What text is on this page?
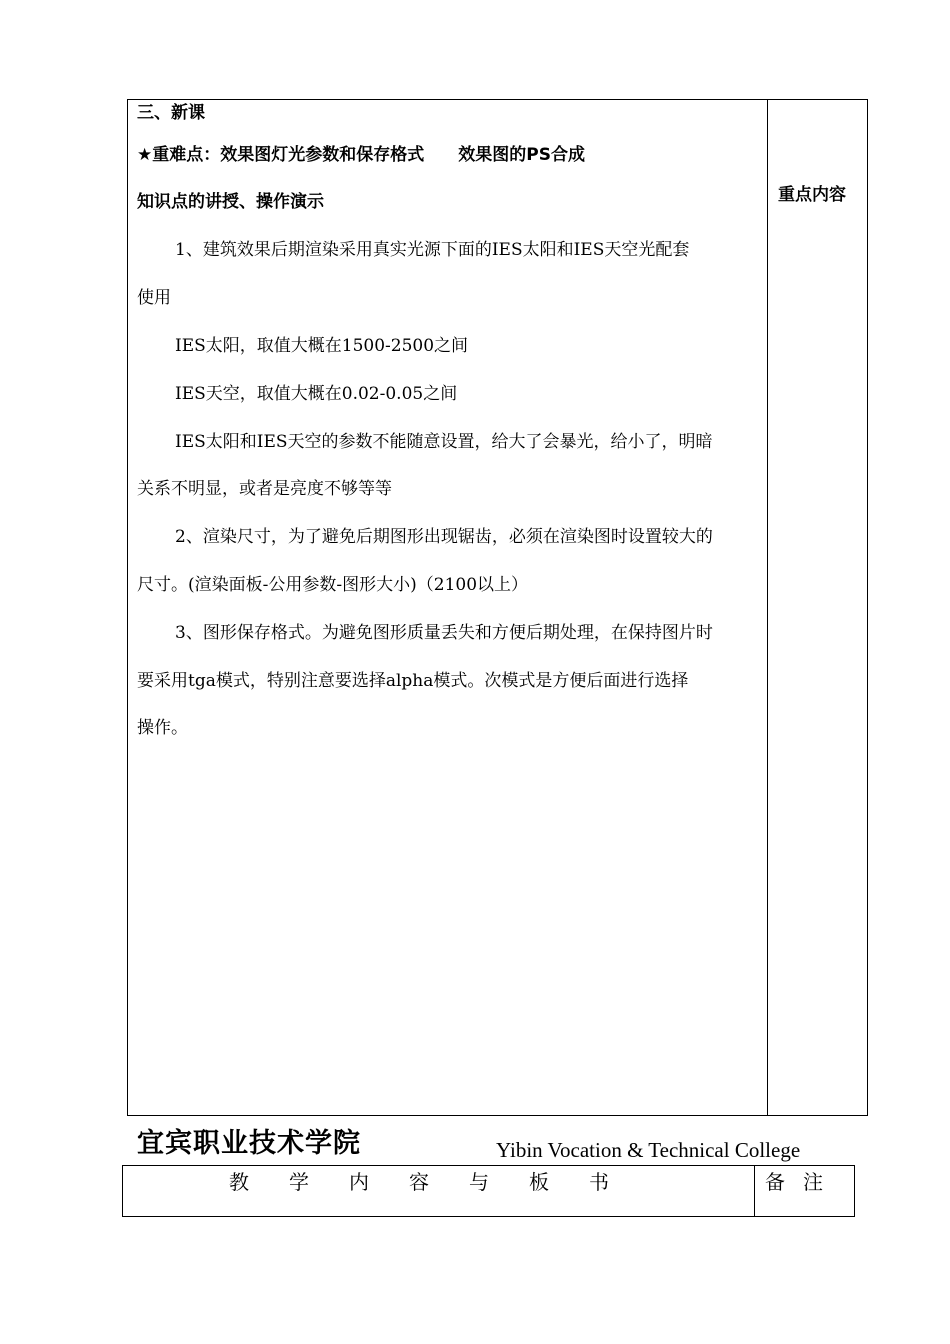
三、新课
★重难点：效果图灯光参数和保存格式　　效果图的PS合成
知识点的讲授、操作演示
1、建筑效果后期渲染采用真实光源下面的IES太阳和IES天空光配套
使用
IES太阳，取值大概在1500-2500之间
IES天空，取值大概在0.02-0.05之间
IES太阳和IES天空的参数不能随意设置，给大了会暴光，给小了，明暗
关系不明显，或者是亮度不够等等
2、渲染尺寸，为了避免后期图形出现锯齿，必须在渲染图时设置较大的
尺寸。(渲染面板-公用参数-图形大小)（2100以上）
3、图形保存格式。为避免图形质量丢失和方便后期处理，在保持图片时
要采用tga模式，特别注意要选择alpha模式。次模式是方便后面进行选择
操作。
重点内容
宜宾职业技术学院	Yibin Vocation & Technical College
教学内容与板书	备注
